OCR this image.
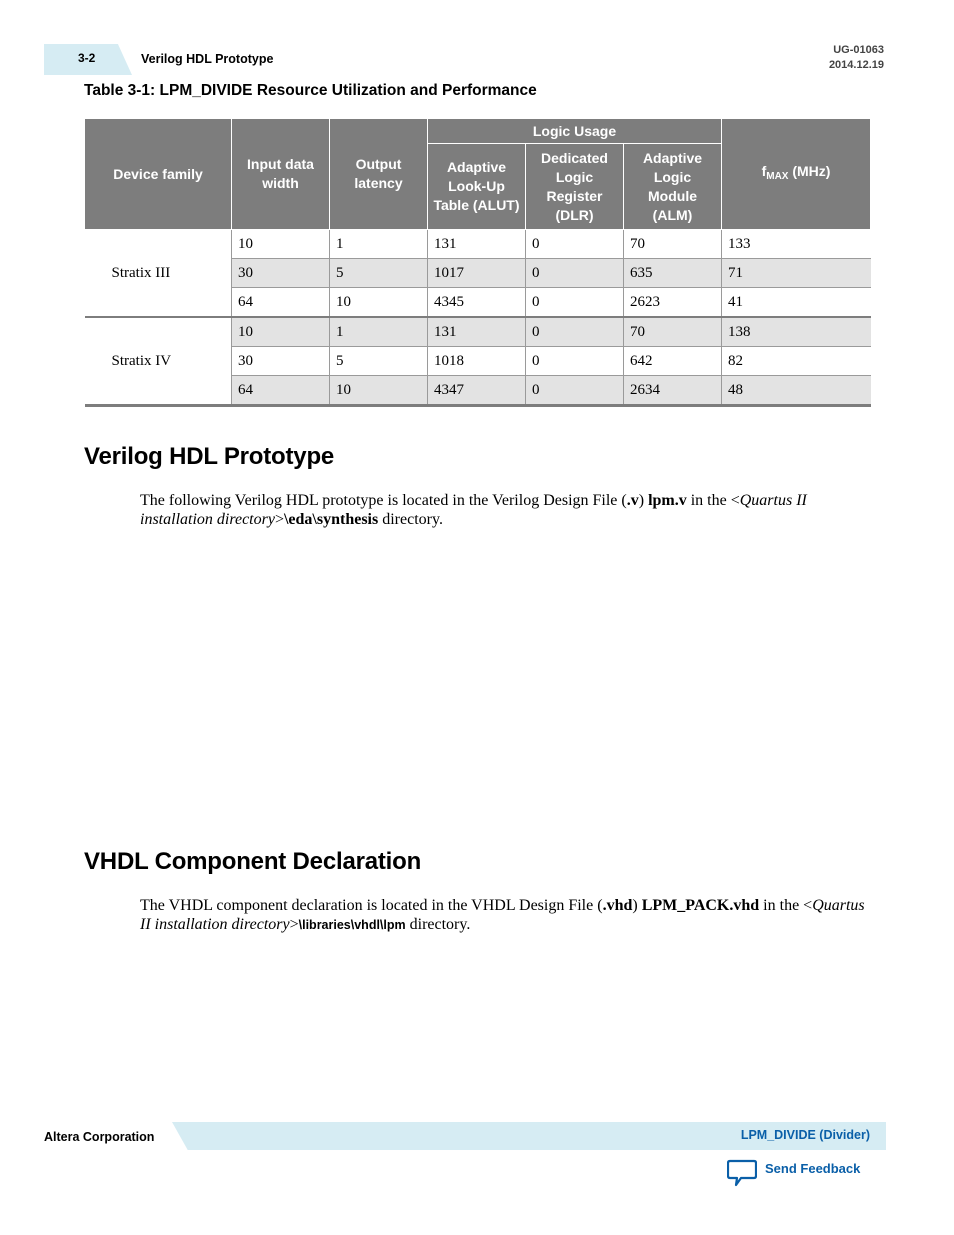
3-2	Verilog HDL Prototype
UG-01063
2014.12.19
Table 3-1: LPM_DIVIDE Resource Utilization and Performance
Device family	Input data width	Output latency	Logic Usage			$f_{MAX}$ (MHz)
			Adaptive Look-Up Table (ALUT)	Dedicated Logic Register (DLR)	Adaptive Logic Module (ALM)	
Stratix III	10	1	131	0	70	133
	30	5	1017	0	635	71
	64	10	4345	0	2623	41
Stratix IV	10	1	131	0	70	138
	30	5	1018	0	642	82
	64	10	4347	0	2634	48
Verilog HDL Prototype
The following Verilog HDL prototype is located in the Verilog Design File (.v) lpm.v in the <Quartus II installation directory>\eda\synthesis directory.
VHDL Component Declaration
The VHDL component declaration is located in the VHDL Design File (.vhd) LPM_PACK.vhd in the <Quartus II installation directory>\libraries\vhdl\lpm directory.
Altera Corporation	LPM_DIVIDE (Divider)
Send Feedback
